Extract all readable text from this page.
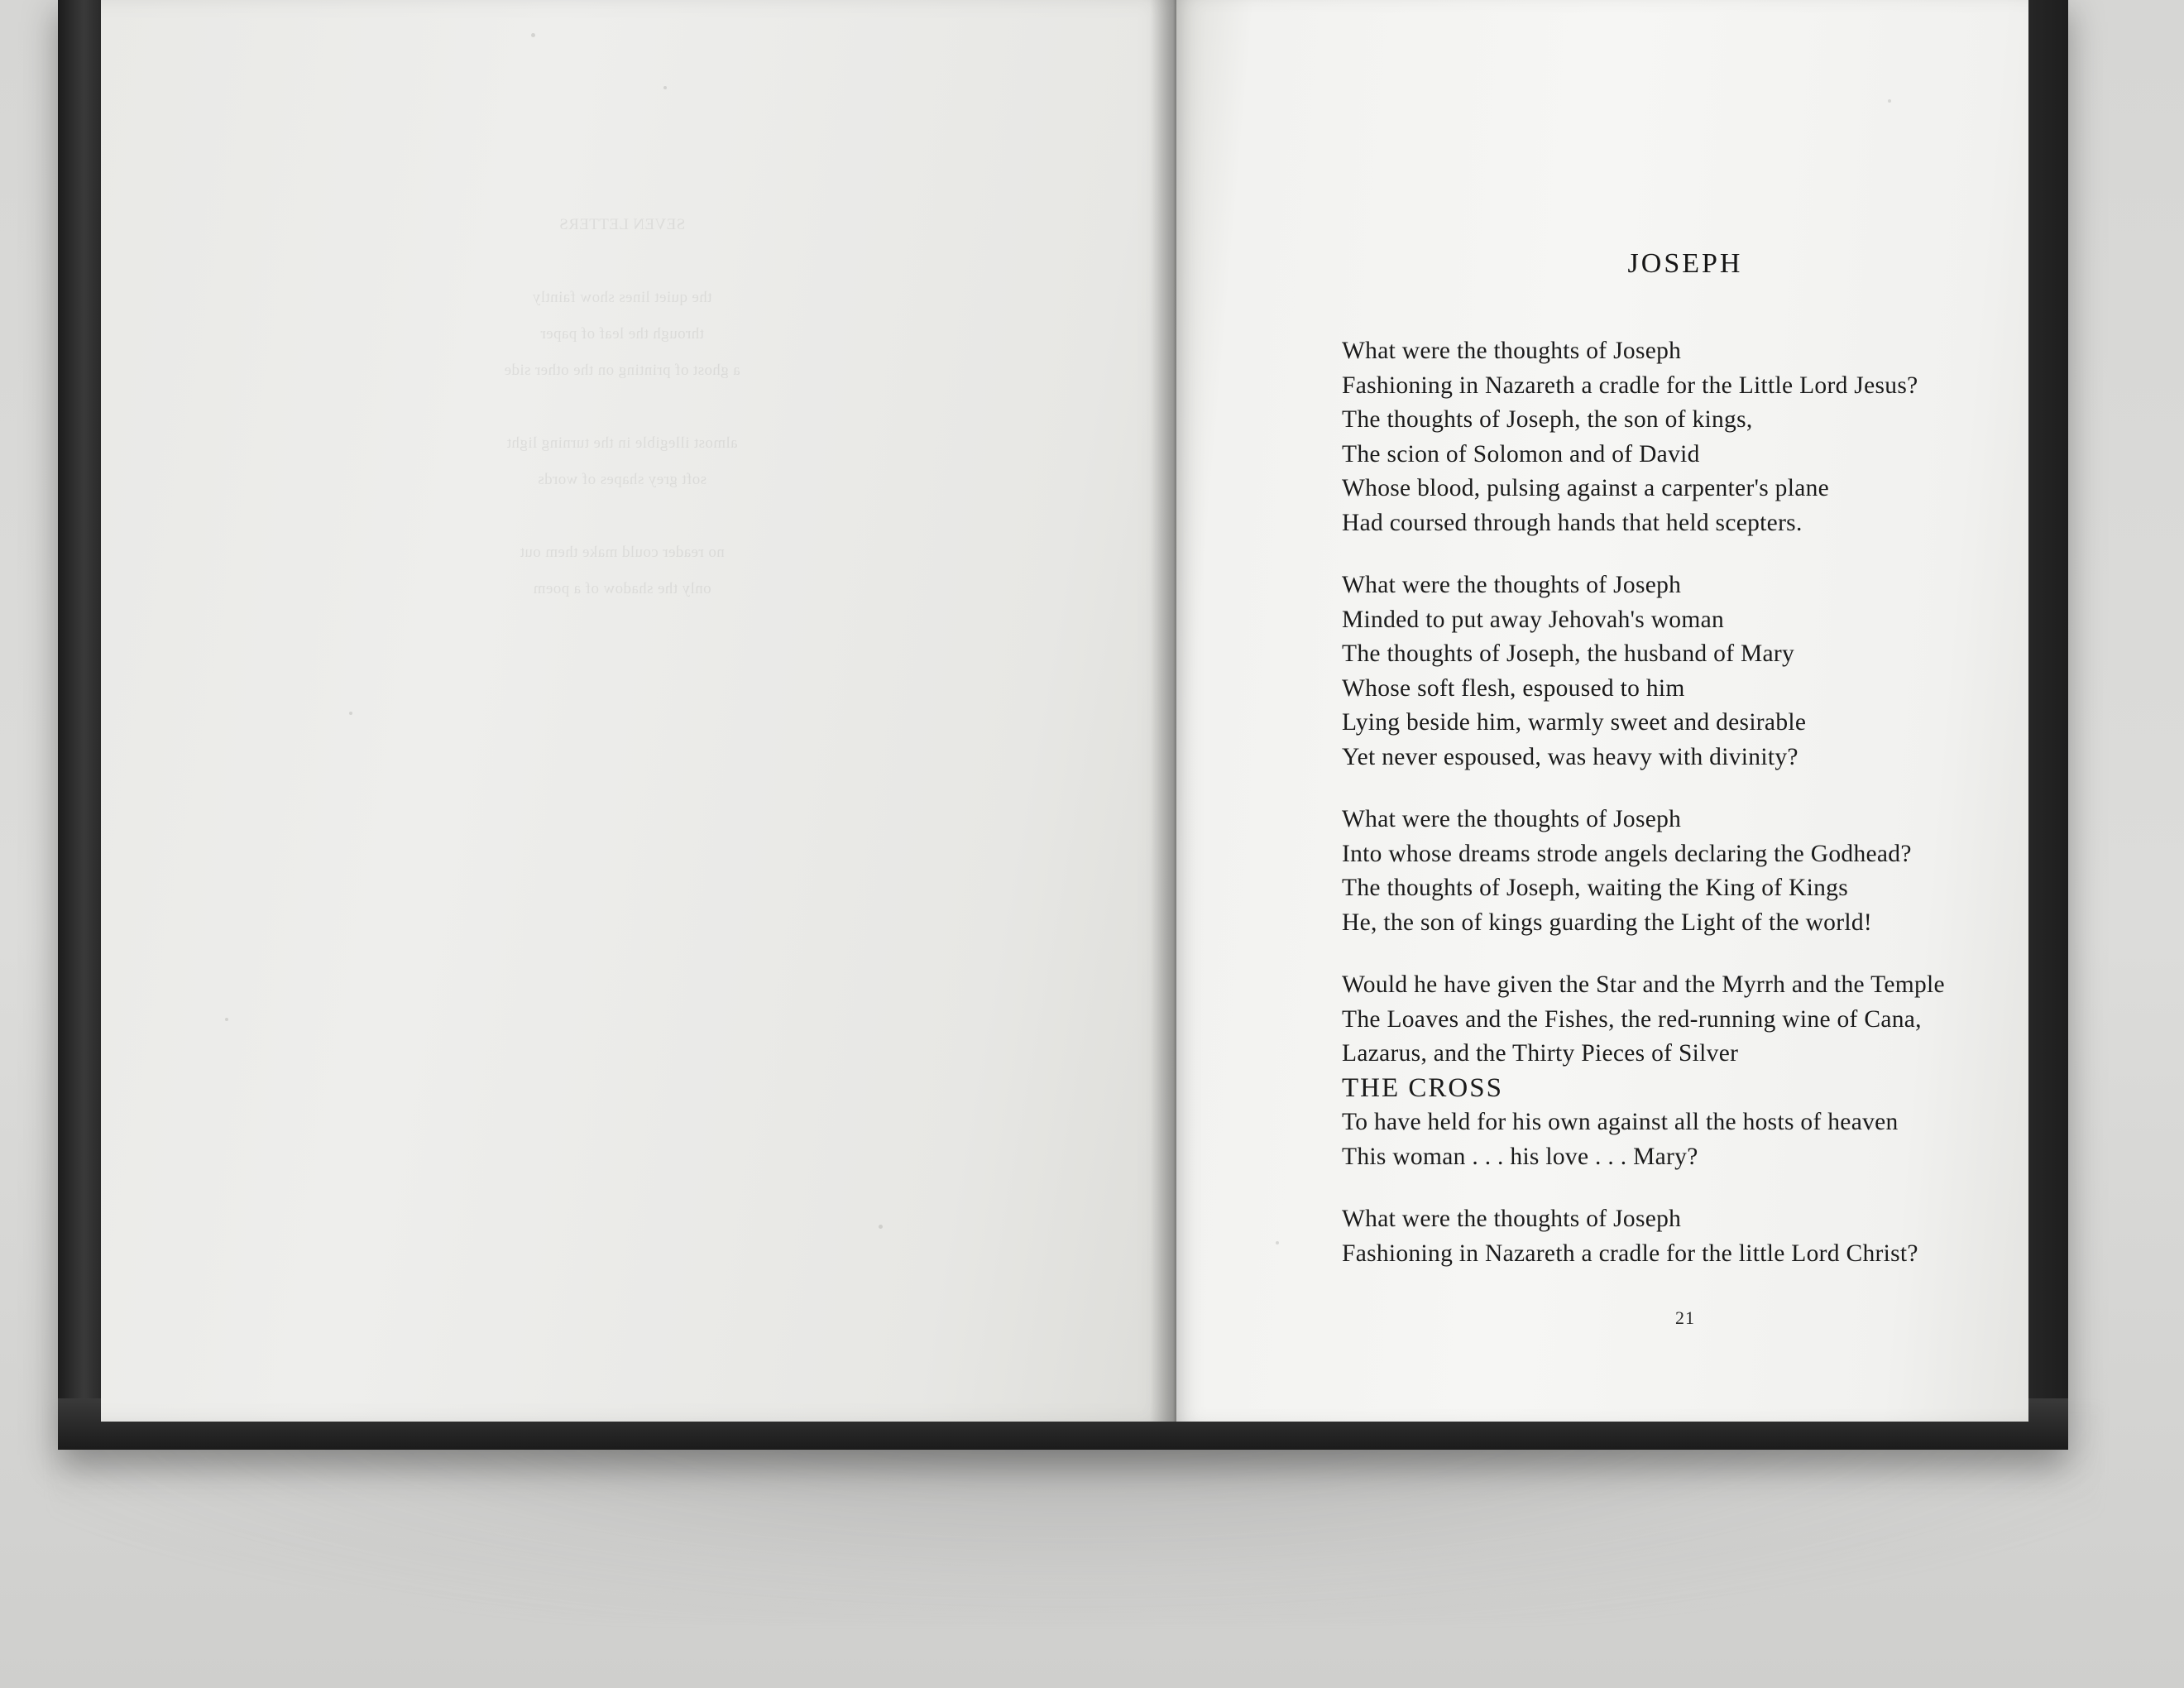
SEVEN LETTERS

the quiet lines show faintly
through the leaf of paper
a ghost of printing on the other side

almost illegible in the turning light
soft grey shapes of words

no reader could make them out
only the shadow of a poem
JOSEPH
What were the thoughts of Joseph
Fashioning in Nazareth a cradle for the Little Lord Jesus?
The thoughts of Joseph, the son of kings,
The scion of Solomon and of David
Whose blood, pulsing against a carpenter's plane
Had coursed through hands that held scepters.
What were the thoughts of Joseph
Minded to put away Jehovah's woman
The thoughts of Joseph, the husband of Mary
Whose soft flesh, espoused to him
Lying beside him, warmly sweet and desirable
Yet never espoused, was heavy with divinity?
What were the thoughts of Joseph
Into whose dreams strode angels declaring the Godhead?
The thoughts of Joseph, waiting the King of Kings
He, the son of kings guarding the Light of the world!
Would he have given the Star and the Myrrh and the Temple
The Loaves and the Fishes, the red-running wine of Cana,
Lazarus, and the Thirty Pieces of Silver
THE CROSS
To have held for his own against all the hosts of heaven
This woman . . . his love . . . Mary?
What were the thoughts of Joseph
Fashioning in Nazareth a cradle for the little Lord Christ?
21
